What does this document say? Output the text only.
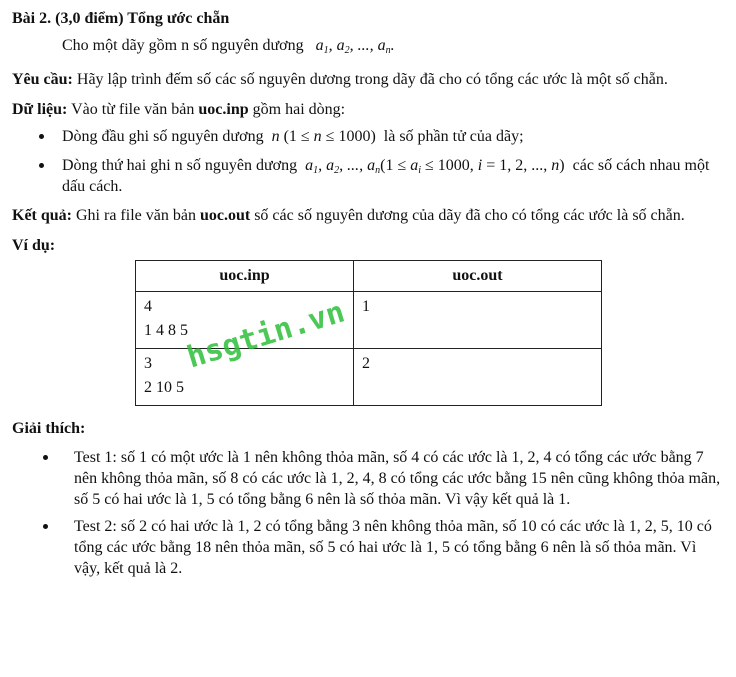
Bài 2. (3,0 điểm) Tổng ước chẵn

Cho một dãy gồm n số nguyên dương   $a_1$, $a_2$, ..., $a_n$.

Yêu cầu: Hãy lập trình đếm số các số nguyên dương trong dãy đã cho có tổng các ước là một số chẵn.

Dữ liệu: Vào từ file văn bản uoc.inp gồm hai dòng:

Dòng đầu ghi số nguyên dương  n (1 ≤ n ≤ 1000) là số phần tử của dãy;
Dòng thứ hai ghi n số nguyên dương  $a_1$, $a_2$, ..., $a_n(1 \le a_i \le 1000$, i = 1, 2, ..., n) các số cách nhau một dấu cách.

Kết quả: Ghi ra file văn bản uoc.out số các số nguyên dương của dãy đã cho có tổng các ước là số chẵn.

Ví dụ:

uoc.inp	uoc.out

4
1 4 8 5	1

3
2 10 5	2

Giải thích:

Test 1: số 1 có một ước là 1 nên không thỏa mãn, số 4 có các ước là 1, 2, 4 có tổng các ước bằng 7 nên không thỏa mãn, số 8 có các ước là 1, 2, 4, 8 có tổng các ước bằng 15 nên cũng không thỏa mãn, số 5 có hai ước là 1, 5 có tổng bằng 6 nên là số thỏa mãn. Vì vậy kết quả là 1.
Test 2: số 2 có hai ước là 1, 2 có tổng bằng 3 nên không thỏa mãn, số 10 có các ước là 1, 2, 5, 10 có tổng các ước bằng 18 nên thỏa mãn, số 5 có hai ước là 1, 5 có tổng bằng 6 nên là số thỏa mãn. Vì vậy, kết quả là 2.
hsgtin.vn
